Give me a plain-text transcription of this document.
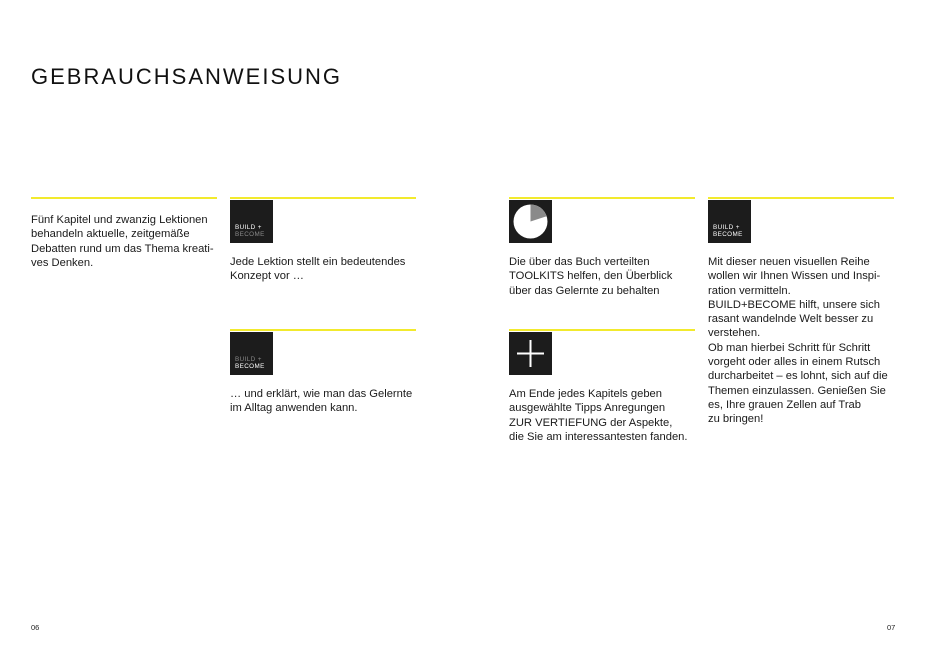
GEBRAUCHSANWEISUNG
Fünf Kapitel und zwanzig Lektionen
behandeln aktuelle, zeitgemäße
Debatten rund um das Thema kreati-
ves Denken.
BUILD +
BECOME
Jede Lektion stellt ein bedeutendes
Konzept vor …
BUILD +
BECOME
… und erklärt, wie man das Gelernte
im Alltag anwenden kann.
Die über das Buch verteilten
TOOLKITS helfen, den Überblick
über das Gelernte zu behalten
Am Ende jedes Kapitels geben
ausgewählte Tipps Anregungen
ZUR VERTIEFUNG der Aspekte,
die Sie am interessantesten fanden.
BUILD +
BECOME
Mit dieser neuen visuellen Reihe
wollen wir Ihnen Wissen und Inspi-
ration vermitteln.
BUILD+BECOME hilft, unsere sich
rasant wandelnde Welt besser zu
verstehen.
Ob man hierbei Schritt für Schritt
vorgeht oder alles in einem Rutsch
durcharbeitet – es lohnt, sich auf die
Themen einzulassen. Genießen Sie
es, Ihre grauen Zellen auf Trab
zu bringen!
06	07
